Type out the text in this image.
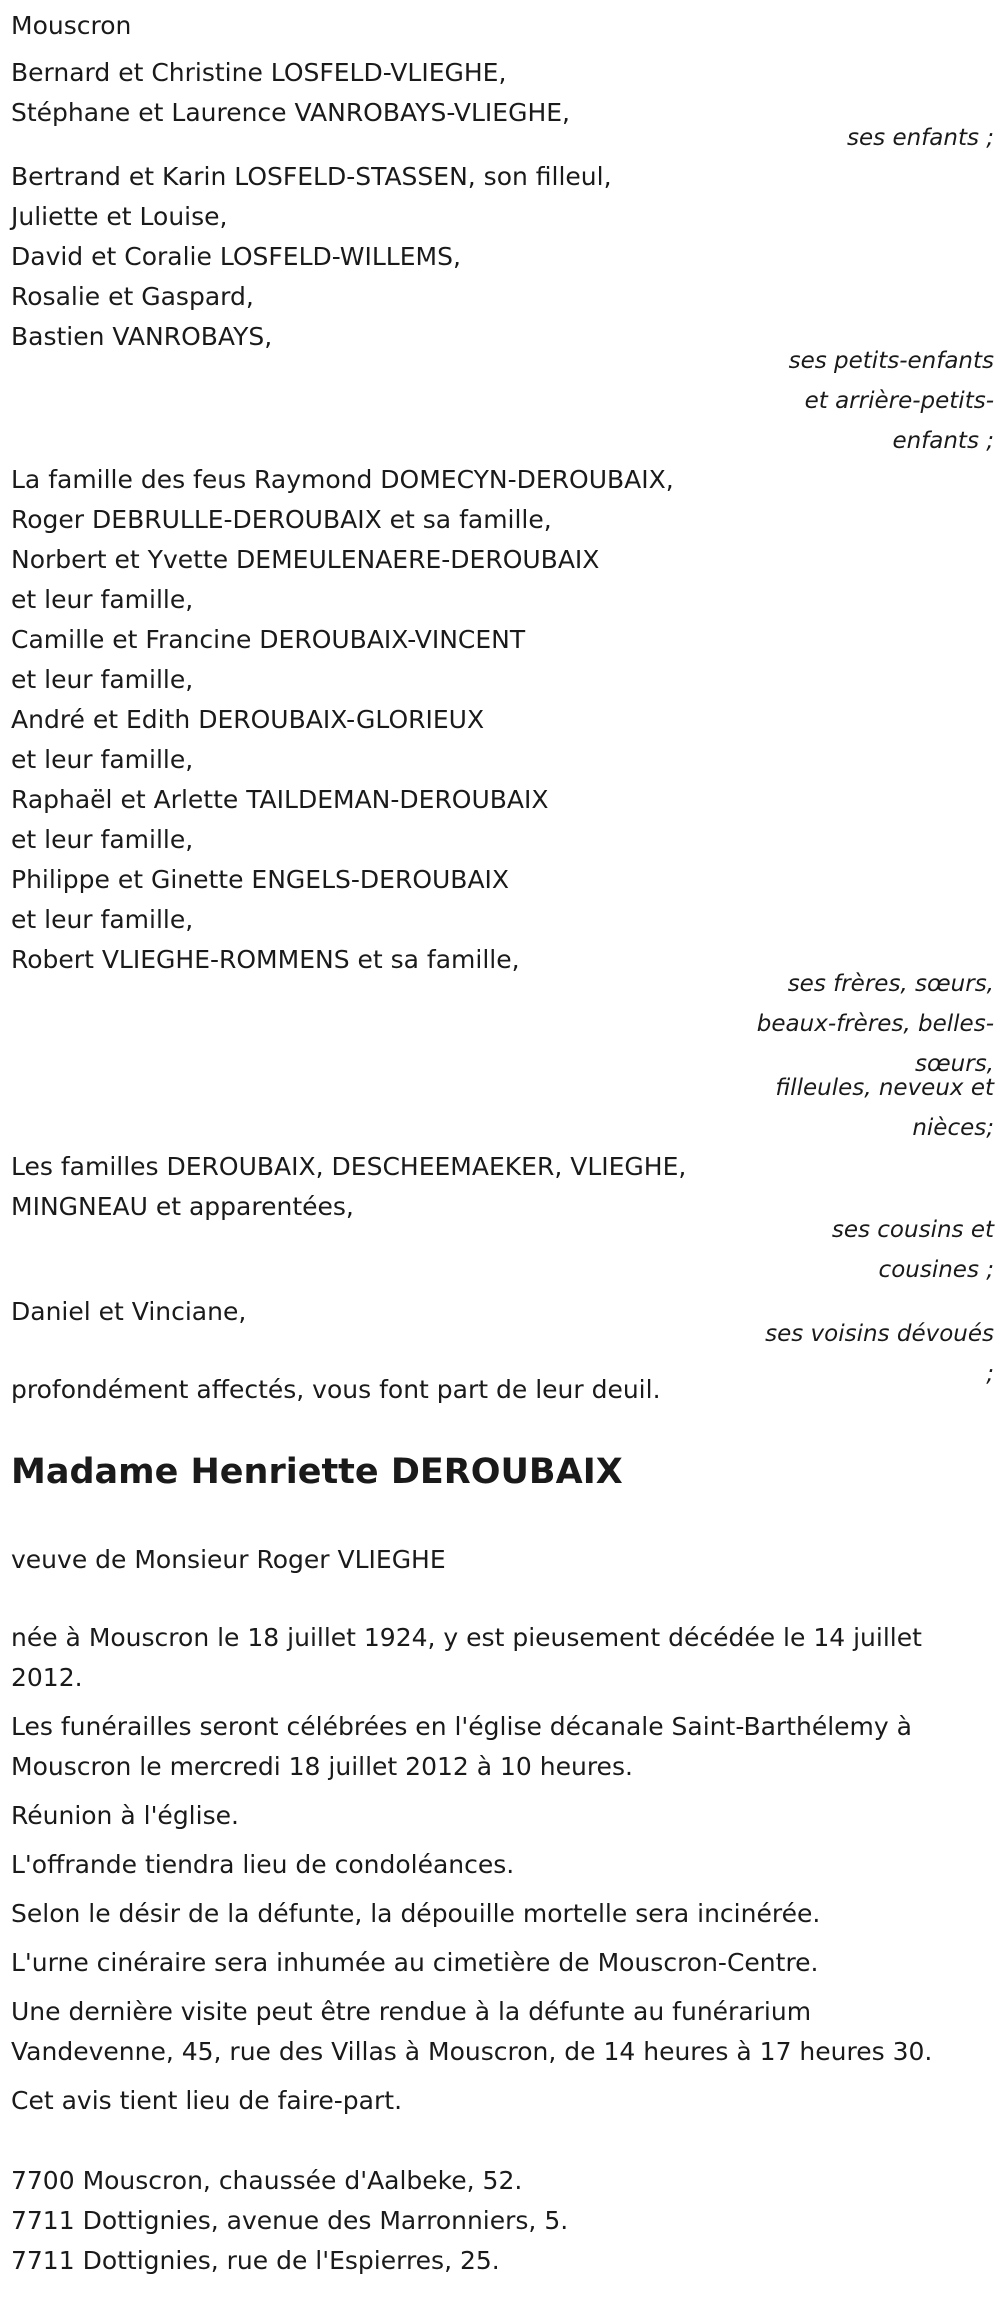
Mouscron
Bernard et Christine LOSFELD-VLIEGHE,
Stéphane et Laurence VANROBAYS-VLIEGHE,
ses enfants ;
Bertrand et Karin LOSFELD-STASSEN, son filleul,
Juliette et Louise,
David et Coralie LOSFELD-WILLEMS,
Rosalie et Gaspard,
Bastien VANROBAYS,
ses petits-enfants
et arrière-petits-
enfants ;
La famille des feus Raymond DOMECYN-DEROUBAIX,
Roger DEBRULLE-DEROUBAIX et sa famille,
Norbert et Yvette DEMEULENAERE-DEROUBAIX
et leur famille,
Camille et Francine DEROUBAIX-VINCENT
et leur famille,
André et Edith DEROUBAIX-GLORIEUX
et leur famille,
Raphaël et Arlette TAILDEMAN-DEROUBAIX
et leur famille,
Philippe et Ginette ENGELS-DEROUBAIX
et leur famille,
Robert VLIEGHE-ROMMENS et sa famille,
ses frères, sœurs,
beaux-frères, belles-
sœurs,
filleules, neveux et
nièces;
Les familles DEROUBAIX, DESCHEEMAEKER, VLIEGHE,
MINGNEAU et apparentées,
ses cousins et
cousines ;
Daniel et Vinciane,
ses voisins dévoués
;
profondément affectés, vous font part de leur deuil.
Madame Henriette DEROUBAIX
veuve de Monsieur Roger VLIEGHE
née à Mouscron le 18 juillet 1924, y est pieusement décédée le 14 juillet
2012.
Les funérailles seront célébrées en l'église décanale Saint-Barthélemy à
Mouscron le mercredi 18 juillet 2012 à 10 heures.
Réunion à l'église.
L'offrande tiendra lieu de condoléances.
Selon le désir de la défunte, la dépouille mortelle sera incinérée.
L'urne cinéraire sera inhumée au cimetière de Mouscron-Centre.
Une dernière visite peut être rendue à la défunte au funérarium
Vandevenne, 45, rue des Villas à Mouscron, de 14 heures à 17 heures 30.
Cet avis tient lieu de faire-part.
7700 Mouscron, chaussée d'Aalbeke, 52.
7711 Dottignies, avenue des Marronniers, 5.
7711 Dottignies, rue de l'Espierres, 25.
